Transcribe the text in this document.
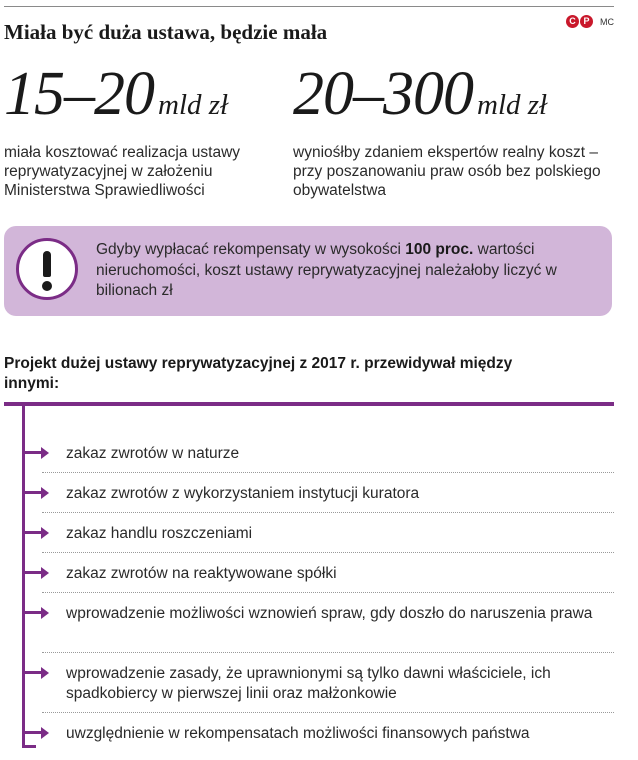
Miała być duża ustawa, będzie mała	C P	MC
15–20 mld zł
miała kosztować realizacja ustawy reprywatyzacyjnej w założeniu Ministerstwa Sprawiedliwości
20–300 mld zł
wyniośłby zdaniem ekspertów realny koszt – przy poszanowaniu praw osób bez polskiego obywatelstwa
Gdyby wypłacać rekompensaty w wysokości 100 proc. wartości nieruchomości, koszt ustawy reprywatyzacyjnej należałoby liczyć w bilionach zł
Projekt dużej ustawy reprywatyzacyjnej z 2017 r. przewidywał między innymi:
zakaz zwrotów w naturze
zakaz zwrotów z wykorzystaniem instytucji kuratora
zakaz handlu roszczeniami
zakaz zwrotów na reaktywowane spółki
wprowadzenie możliwości wznowień spraw, gdy doszło do naruszenia prawa
wprowadzenie zasady, że uprawnionymi są tylko dawni właściciele, ich spadkobiercy w pierwszej linii oraz małżonkowie
uwzględnienie w rekompensatach możliwości finansowych państwa
